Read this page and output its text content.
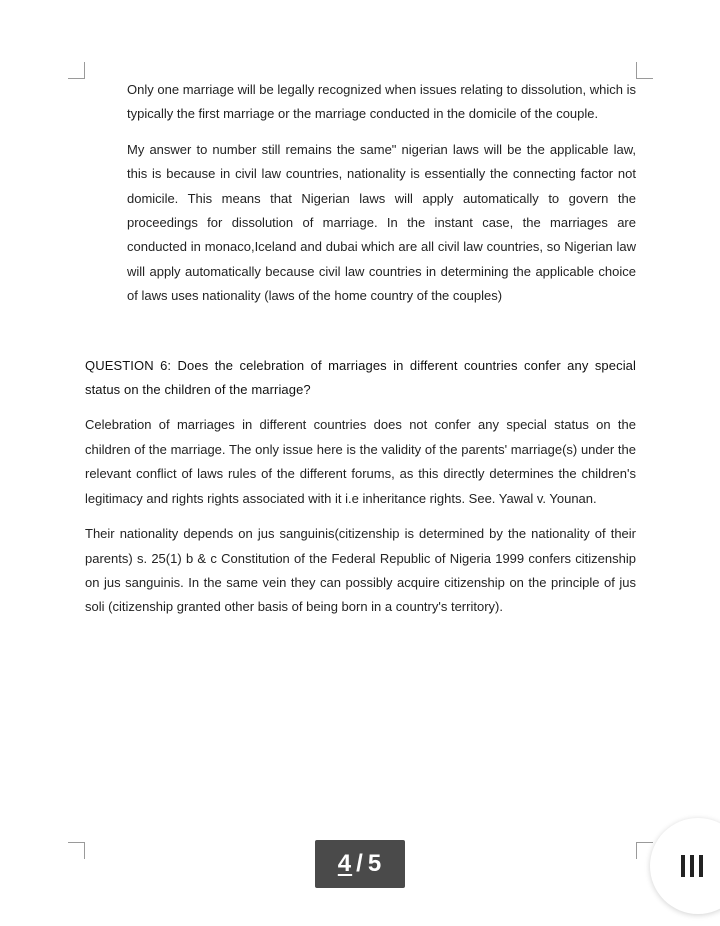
Only one marriage will be legally recognized when issues relating to dissolution, which is typically the first marriage or the marriage conducted in the domicile of the couple.

My answer to number still remains the same" nigerian laws will be the applicable law, this is because in civil law countries, nationality is essentially the connecting factor not domicile. This means that Nigerian laws will apply automatically to govern the proceedings for dissolution of marriage. In the instant case, the marriages are conducted in monaco,Iceland and dubai which are all civil law countries, so Nigerian law will apply automatically because civil law countries in determining the applicable choice of laws uses nationality (laws of the home country of the couples)

QUESTION 6: Does the celebration of marriages in different countries confer any special status on the children of the marriage?

Celebration of marriages in different countries does not confer any special status on the children of the marriage. The only issue here is the validity of the parents' marriage(s) under the relevant conflict of laws rules of the different forums, as this directly determines the children's legitimacy and rights rights associated with it i.e inheritance rights. See. Yawal v. Younan.

Their nationality depends on jus sanguinis(citizenship is determined by the nationality of their parents) s. 25(1) b & c Constitution of the Federal Republic of Nigeria 1999 confers citizenship on jus sanguinis. In the same vein they can possibly acquire citizenship on the principle of jus soli (citizenship granted other basis of being born in a country's territory).

4 / 5
